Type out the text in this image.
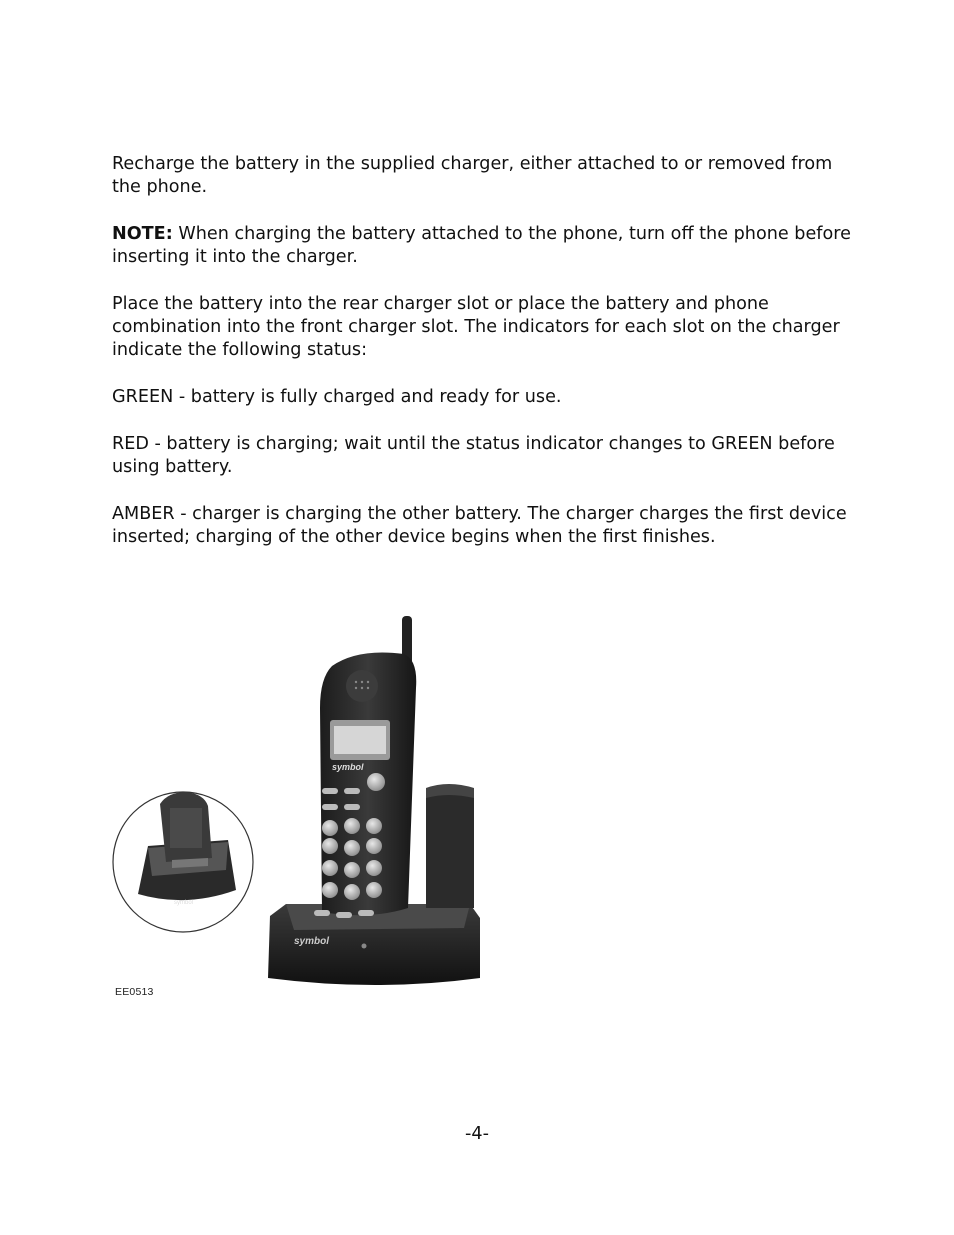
Recharge the battery in the supplied charger, either attached to or removed from the phone.

NOTE: When charging the battery attached to the phone, turn off the phone before inserting it into the charger.

Place the battery into the rear charger slot or place the battery and phone combination into the front charger slot. The indicators for each slot on the charger indicate the following status:

GREEN - battery is fully charged and ready for use.

RED - battery is charging; wait until the status indicator changes to GREEN before using battery.

AMBER - charger is charging the other battery. The charger charges the first device inserted; charging of the other device begins when the first finishes.

symbol
symbol
symbol
EE0513
-4-
